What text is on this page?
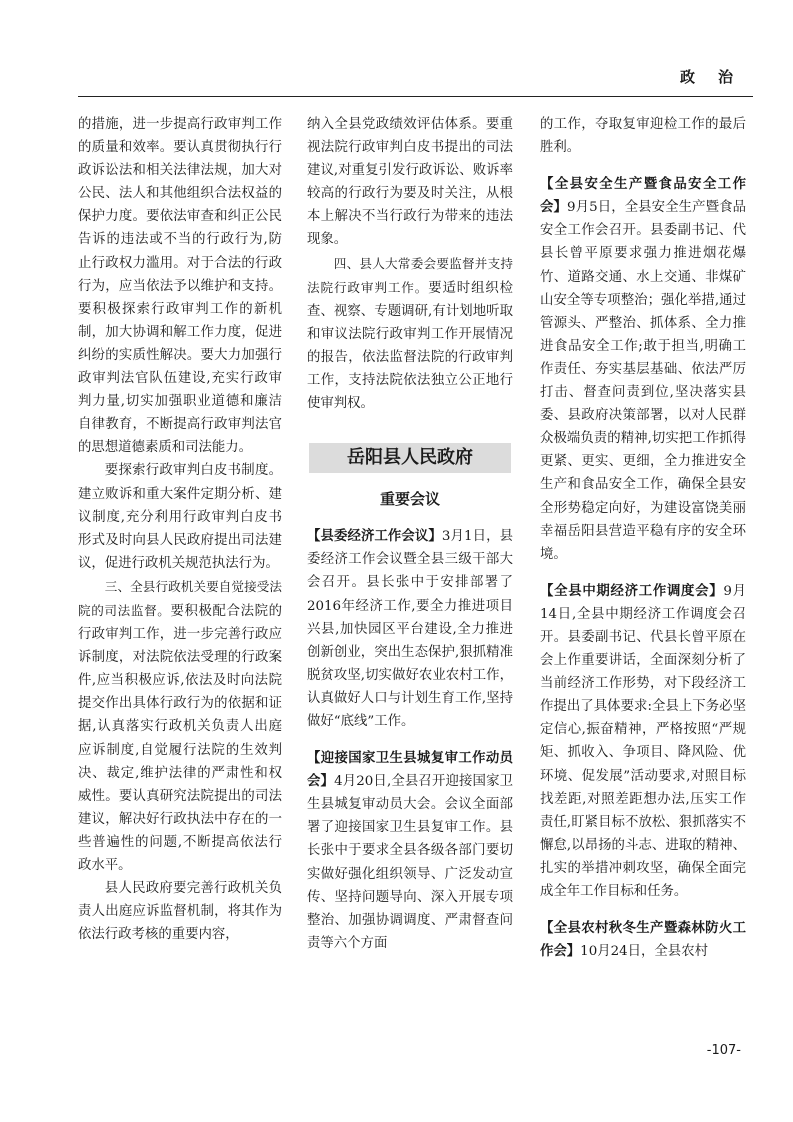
政　治

的措施，进一步提高行政审判工作的质量和效率。要认真贯彻执行行政诉讼法和相关法律法规，加大对公民、法人和其他组织合法权益的保护力度。要依法审查和纠正公民告诉的违法或不当的行政行为,防止行政权力滥用。对于合法的行政行为，应当依法予以维护和支持。要积极探索行政审判工作的新机制，加大协调和解工作力度，促进纠纷的实质性解决。要大力加强行政审判法官队伍建设,充实行政审判力量,切实加强职业道德和廉洁自律教育，不断提高行政审判法官的思想道德素质和司法能力。

要探索行政审判白皮书制度。建立败诉和重大案件定期分析、建议制度,充分利用行政审判白皮书形式及时向县人民政府提出司法建议，促进行政机关规范执法行为。

三、全县行政机关要自觉接受法院的司法监督。要积极配合法院的行政审判工作，进一步完善行政应诉制度，对法院依法受理的行政案件,应当积极应诉,依法及时向法院提交作出具体行政行为的依据和证据,认真落实行政机关负责人出庭应诉制度,自觉履行法院的生效判决、裁定,维护法律的严肃性和权威性。要认真研究法院提出的司法建议，解决好行政执法中存在的一些普遍性的问题,不断提高依法行政水平。

县人民政府要完善行政机关负责人出庭应诉监督机制，将其作为依法行政考核的重要内容，

纳入全县党政绩效评估体系。要重视法院行政审判白皮书提出的司法建议,对重复引发行政诉讼、败诉率较高的行政行为要及时关注，从根本上解决不当行政行为带来的违法现象。

四、县人大常委会要监督并支持法院行政审判工作。要适时组织检查、视察、专题调研,有计划地听取和审议法院行政审判工作开展情况的报告，依法监督法院的行政审判工作，支持法院依法独立公正地行使审判权。

岳阳县人民政府
重要会议

【县委经济工作会议】3月1日，县委经济工作会议暨全县三级干部大会召开。县长张中于安排部署了2016年经济工作,要全力推进项目兴县,加快园区平台建设,全力推进创新创业，突出生态保护,狠抓精准脱贫攻坚,切实做好农业农村工作，认真做好人口与计划生育工作,坚持做好“底线”工作。

【迎接国家卫生县城复审工作动员会】4月20日,全县召开迎接国家卫生县城复审动员大会。会议全面部署了迎接国家卫生县复审工作。县长张中于要求全县各级各部门要切实做好强化组织领导、广泛发动宣传、坚持问题导向、深入开展专项整治、加强协调调度、严肃督查问责等六个方面

的工作，夺取复审迎检工作的最后胜利。

【全县安全生产暨食品安全工作会】9月5日，全县安全生产暨食品安全工作会召开。县委副书记、代县长曾平原要求强力推进烟花爆竹、道路交通、水上交通、非煤矿山安全等专项整治；强化举措,通过管源头、严整治、抓体系、全力推进食品安全工作;敢于担当,明确工作责任、夯实基层基础、依法严厉打击、督查问责到位,坚决落实县委、县政府决策部署，以对人民群众极端负责的精神,切实把工作抓得更紧、更实、更细，全力推进安全生产和食品安全工作，确保全县安全形势稳定向好，为建设富饶美丽幸福岳阳县营造平稳有序的安全环境。

【全县中期经济工作调度会】9月14日,全县中期经济工作调度会召开。县委副书记、代县长曾平原在会上作重要讲话，全面深刻分析了当前经济工作形势，对下段经济工作提出了具体要求:全县上下务必坚定信心,振奋精神，严格按照“严规矩、抓收入、争项目、降风险、优环境、促发展”活动要求,对照目标找差距,对照差距想办法,压实工作责任,盯紧目标不放松、狠抓落实不懈怠,以昂扬的斗志、进取的精神、扎实的举措冲刺攻坚，确保全面完成全年工作目标和任务。

【全县农村秋冬生产暨森林防火工作会】10月24日，全县农村

-107-
